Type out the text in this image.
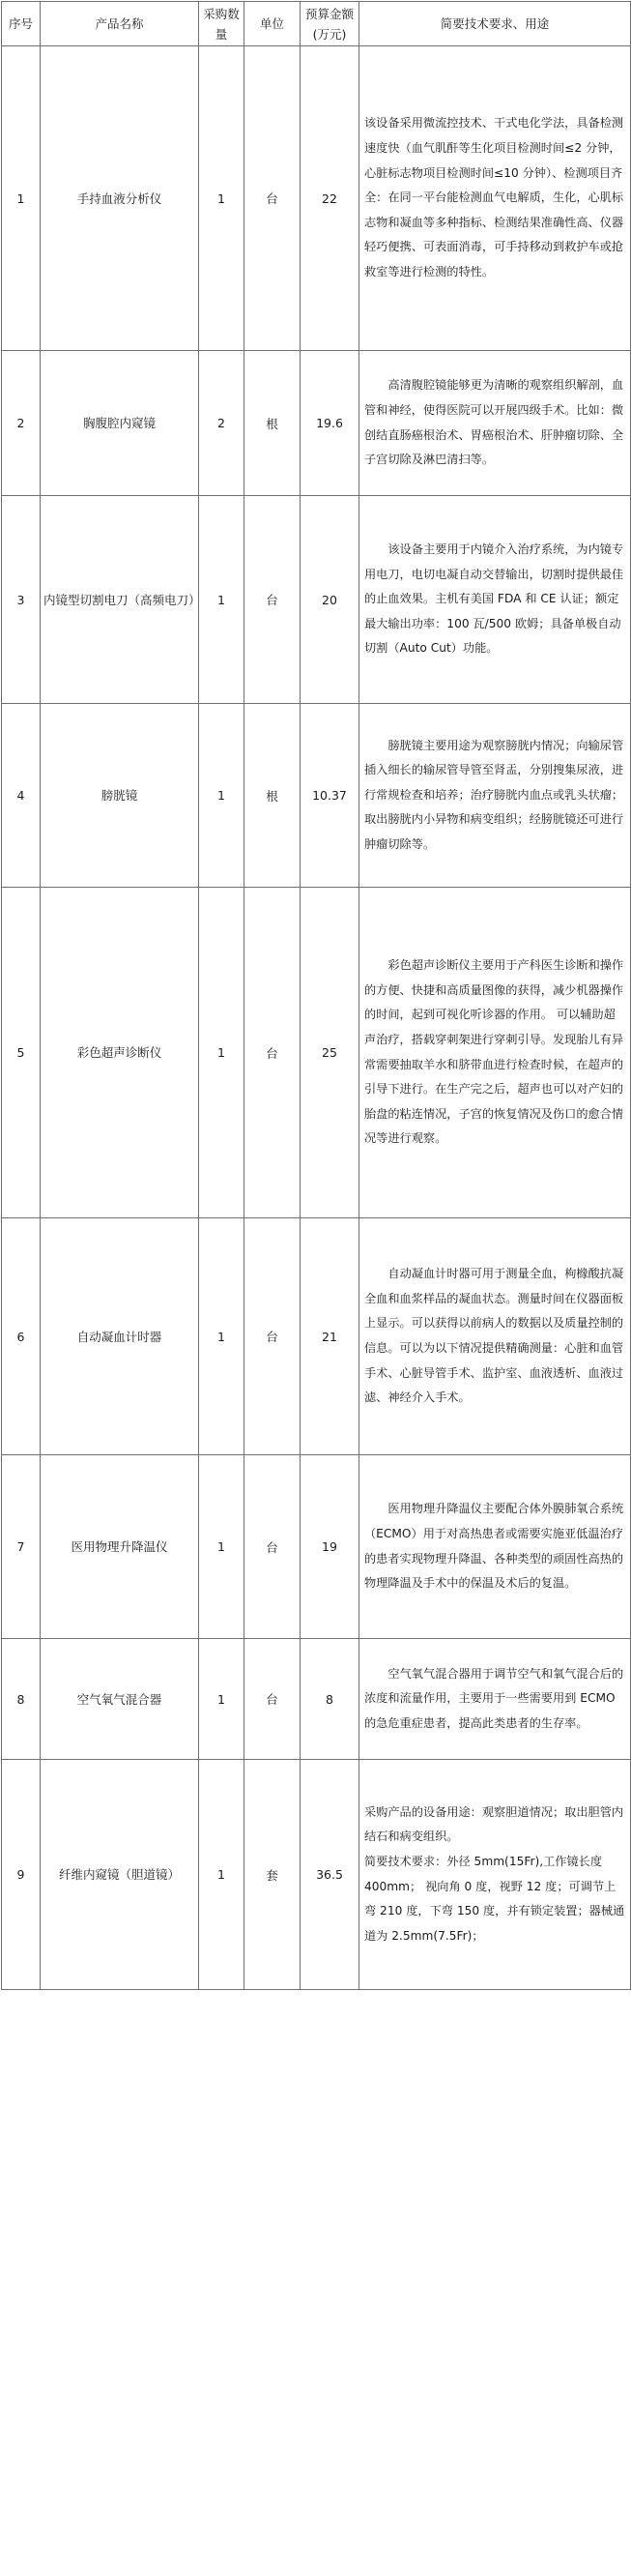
序号	产品名称	采购数量	单位	预算金额(万元)	简要技术要求、用途
1	手持血液分析仪	1	台	22	该设备采用微流控技术、干式电化学法，具备检测速度快（血气肌酐等生化项目检测时间≤2 分钟，心脏标志物项目检测时间≤10 分钟）、检测项目齐全：在同一平台能检测血气电解质，生化，心肌标志物和凝血等多种指标、检测结果准确性高、仪器轻巧便携、可表面消毒，可手持移动到救护车或抢救室等进行检测的特性。

2	胸腹腔内窥镜	2	根	19.6	高清腹腔镜能够更为清晰的观察组织解剖，血管和神经，使得医院可以开展四级手术。比如：微创结直肠癌根治术、胃癌根治术、肝肿瘤切除、全子宫切除及淋巴清扫等。

3	内镜型切割电刀（高频电刀）	1	台	20	该设备主要用于内镜介入治疗系统，为内镜专用电刀，电切电凝自动交替输出，切割时提供最佳的止血效果。主机有美国 FDA 和 CE 认证；额定最大输出功率：100 瓦/500 欧姆；具备单极自动切割（Auto Cut）功能。

4	膀胱镜	1	根	10.37	膀胱镜主要用途为观察膀胱内情况；向输尿管插入细长的输尿管导管至肾盂，分别搜集尿液，进行常规检查和培养；治疗膀胱内血点或乳头状瘤；取出膀胱内小异物和病变组织；经膀胱镜还可进行肿瘤切除等。

5	彩色超声诊断仪	1	台	25	彩色超声诊断仪主要用于产科医生诊断和操作的方便、快捷和高质量图像的获得，减少机器操作的时间，起到可视化听诊器的作用。 可以辅助超声治疗，搭载穿刺架进行穿刺引导。发现胎儿有异常需要抽取羊水和脐带血进行检查时候，在超声的引导下进行。在生产完之后，超声也可以对产妇的胎盘的粘连情况，子宫的恢复情况及伤口的愈合情况等进行观察。

6	自动凝血计时器	1	台	21	自动凝血计时器可用于测量全血，枸橼酸抗凝全血和血浆样品的凝血状态。测量时间在仪器面板上显示。可以获得以前病人的数据以及质量控制的信息。可以为以下情况提供精确测量：心脏和血管手术、心脏导管手术、监护室、血液透析、血液过滤、神经介入手术。

7	医用物理升降温仪	1	台	19	医用物理升降温仪主要配合体外膜肺氧合系统（ECMO）用于对高热患者或需要实施亚低温治疗的患者实现物理升降温、各种类型的顽固性高热的物理降温及手术中的保温及术后的复温。

8	空气氧气混合器	1	台	8	空气氧气混合器用于调节空气和氧气混合后的浓度和流量作用，主要用于一些需要用到 ECMO 的急危重症患者，提高此类患者的生存率。

9	纤维内窥镜（胆道镜）	1	套	36.5	采购产品的设备用途：观察胆道情况；取出胆管内结石和病变组织。

简要技术要求：外径 5mm(15Fr),工作镜长度 400mm； 视向角 0 度，视野 12 度；可调节上弯 210 度，下弯 150 度，并有锁定装置；器械通道为 2.5mm(7.5Fr)；
